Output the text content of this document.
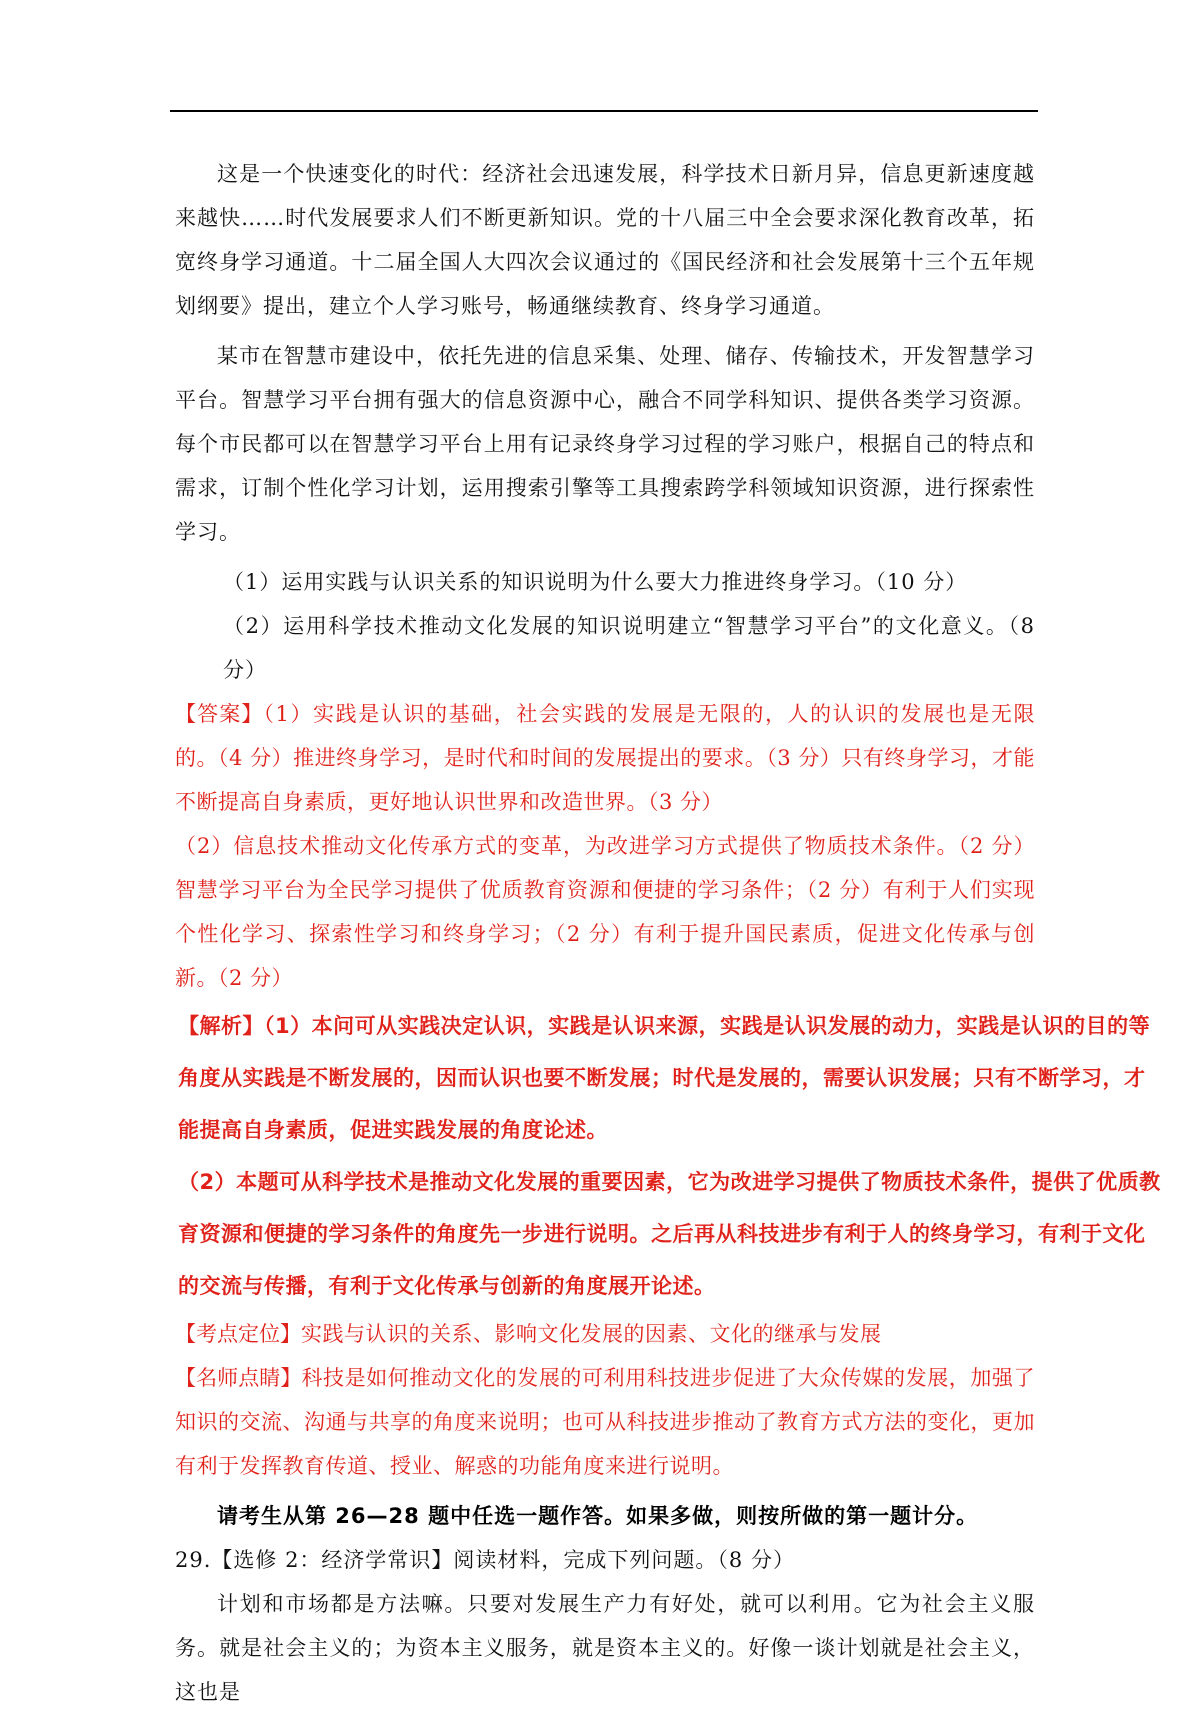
这是一个快速变化的时代：经济社会迅速发展，科学技术日新月异，信息更新速度越来越快……时代发展要求人们不断更新知识。党的十八届三中全会要求深化教育改革，拓宽终身学习通道。十二届全国人大四次会议通过的《国民经济和社会发展第十三个五年规划纲要》提出，建立个人学习账号，畅通继续教育、终身学习通道。

某市在智慧市建设中，依托先进的信息采集、处理、储存、传输技术，开发智慧学习平台。智慧学习平台拥有强大的信息资源中心，融合不同学科知识、提供各类学习资源。每个市民都可以在智慧学习平台上用有记录终身学习过程的学习账户，根据自己的特点和需求，订制个性化学习计划，运用搜索引擎等工具搜索跨学科领域知识资源，进行探索性学习。

（1）运用实践与认识关系的知识说明为什么要大力推进终身学习。（10 分）

（2）运用科学技术推动文化发展的知识说明建立“智慧学习平台”的文化意义。（8 分）

【答案】（1）实践是认识的基础，社会实践的发展是无限的，人的认识的发展也是无限的。（4 分）推进终身学习，是时代和时间的发展提出的要求。（3 分）只有终身学习，才能不断提高自身素质，更好地认识世界和改造世界。（3 分）

（2）信息技术推动文化传承方式的变革，为改进学习方式提供了物质技术条件。（2 分）智慧学习平台为全民学习提供了优质教育资源和便捷的学习条件；（2 分）有利于人们实现个性化学习、探索性学习和终身学习；（2 分）有利于提升国民素质，促进文化传承与创新。（2 分）

【解析】（1）本问可从实践决定认识，实践是认识来源，实践是认识发展的动力，实践是认识的目的等角度从实践是不断发展的，因而认识也要不断发展；时代是发展的，需要认识发展；只有不断学习，才能提高自身素质，促进实践发展的角度论述。

（2）本题可从科学技术是推动文化发展的重要因素，它为改进学习提供了物质技术条件，提供了优质教育资源和便捷的学习条件的角度先一步进行说明。之后再从科技进步有利于人的终身学习，有利于文化的交流与传播，有利于文化传承与创新的角度展开论述。

【考点定位】实践与认识的关系、影响文化发展的因素、文化的继承与发展

【名师点睛】科技是如何推动文化的发展的可利用科技进步促进了大众传媒的发展，加强了知识的交流、沟通与共享的角度来说明；也可从科技进步推动了教育方式方法的变化，更加有利于发挥教育传道、授业、解惑的功能角度来进行说明。

请考生从第 26—28 题中任选一题作答。如果多做，则按所做的第一题计分。

29.【选修 2：经济学常识】阅读材料，完成下列问题。（8 分）

计划和市场都是方法嘛。只要对发展生产力有好处，就可以利用。它为社会主义服务。就是社会主义的；为资本主义服务，就是资本主义的。好像一谈计划就是社会主义，这也是
